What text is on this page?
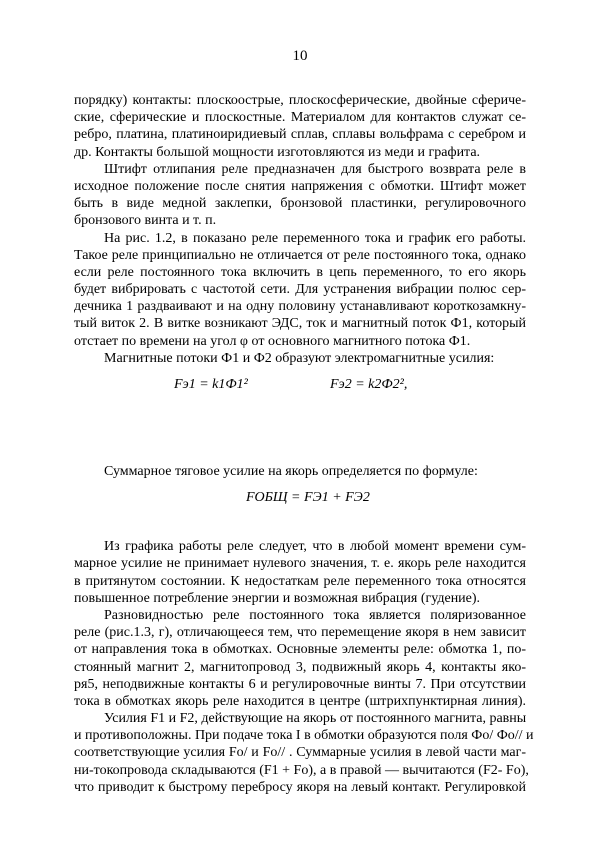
10
порядку) контакты: плоскоострые, плоскосферические, двойные сфериче-
ские, сферические и плоскостные. Материалом для контактов служат се-
ребро, платина, платиноиридиевый сплав, сплавы вольфрама с серебром и
др. Контакты большой мощности изготовляются из меди и графита.
Штифт отлипания реле предназначен для быстрого возврата реле в
исходное положение после снятия напряжения с обмотки. Штифт может
быть в виде медной заклепки, бронзовой пластинки, регулировочного
бронзового винта и т. п.
На рис. 1.2, в показано реле переменного тока и график его работы.
Такое реле принципиально не отличается от реле постоянного тока, однако
если реле постоянного тока включить в цепь переменного, то его якорь
будет вибрировать с частотой сети. Для устранения вибрации полюс сер-
дечника 1 раздваивают и на одну половину устанавливают короткозамкну-
тый виток 2. В витке возникают ЭДС, ток и магнитный поток Ф1, который
отстает по времени на угол φ от основного магнитного потока Ф1.
Магнитные потоки Ф1 и Ф2 образуют электромагнитные усилия:
Fэ1 = k1Ф1²	Fэ2 = k2Ф2²,
Суммарное тяговое усилие на якорь определяется по формуле:
FОБЩ = FЭ1 + FЭ2
Из графика работы реле следует, что в любой момент времени сум-
марное усилие не принимает нулевого значения, т. е. якорь реле находится
в притянутом состоянии. К недостаткам реле переменного тока относятся
повышенное потребление энергии и возможная вибрация (гудение).
Разновидностью реле постоянного тока является поляризованное
реле (рис.1.3, г), отличающееся тем, что перемещение якоря в нем зависит
от направления тока в обмотках. Основные элементы реле: обмотка 1, по-
стоянный магнит 2, магнитопровод 3, подвижный якорь 4, контакты яко-
ря5, неподвижные контакты 6 и регулировочные винты 7. При отсутствии
тока в обмотках якорь реле находится в центре (штрихпунктирная линия).
Усилия F1 и F2, действующие на якорь от постоянного магнита, равны
и противоположны. При подаче тока I в обмотки образуются поля Фо/ Фо// и
соответствующие усилия Fо/ и Fо// . Суммарные усилия в левой части маг-
ни-токопровода складываются (F1 + Fо), а в правой — вычитаются (F2- Fо),
что приводит к быстрому перебросу якоря на левый контакт. Регулировкой
